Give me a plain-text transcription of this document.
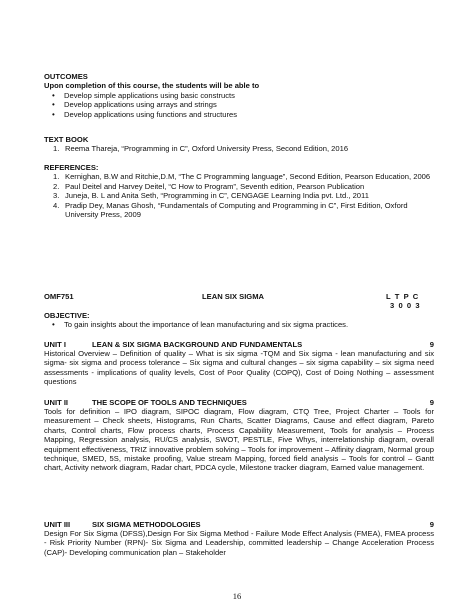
OUTCOMES
Upon completion of this course, the students will be able to
• Develop simple applications using basic constructs
• Develop applications using arrays and strings
• Develop applications using functions and structures
TEXT BOOK
1. Reema Thareja, “Programming in C”, Oxford University Press, Second Edition, 2016
REFERENCES:
1. Kernighan, B.W and Ritchie,D.M, “The C Programming language”, Second Edition, Pearson Education, 2006
2. Paul Deitel and Harvey Deitel, “C How to Program”, Seventh edition, Pearson Publication
3. Juneja, B. L and Anita Seth, “Programming in C”, CENGAGE Learning India pvt. Ltd., 2011
4. Pradip Dey, Manas Ghosh, “Fundamentals of Computing and Programming in C”, First Edition, Oxford University Press, 2009
OMF751	LEAN SIX SIGMA	L  T  P  C
3  0  0  3
OBJECTIVE:
• To gain insights about the importance of lean manufacturing and six sigma practices.
UNIT I	LEAN & SIX SIGMA BACKGROUND AND FUNDAMENTALS	9
Historical Overview – Definition of quality – What is six sigma -TQM and Six sigma - lean manufacturing and six sigma- six sigma and process tolerance – Six sigma and cultural changes – six sigma capability – six sigma need assessments - implications of quality levels, Cost of Poor Quality (COPQ), Cost of Doing Nothing – assessment questions
UNIT II	THE SCOPE OF TOOLS AND TECHNIQUES	9
Tools for definition – IPO diagram, SIPOC diagram, Flow diagram, CTQ Tree, Project Charter – Tools for measurement – Check sheets, Histograms, Run Charts, Scatter Diagrams, Cause and effect diagram, Pareto charts, Control charts, Flow process charts, Process Capability Measurement, Tools for analysis – Process Mapping, Regression analysis, RU/CS analysis, SWOT, PESTLE, Five Whys, interrelationship diagram, overall equipment effectiveness, TRIZ innovative problem solving – Tools for improvement – Affinity diagram, Normal group technique, SMED, 5S, mistake proofing, Value stream Mapping, forced field analysis – Tools for control – Gantt chart, Activity network diagram, Radar chart, PDCA cycle, Milestone tracker diagram, Earned value management.
UNIT III	SIX SIGMA METHODOLOGIES	9
Design For Six Sigma (DFSS),Design For Six Sigma Method - Failure Mode Effect Analysis (FMEA), FMEA process - Risk Priority Number (RPN)- Six Sigma and Leadership, committed leadership – Change Acceleration Process (CAP)- Developing communication plan – Stakeholder
16
